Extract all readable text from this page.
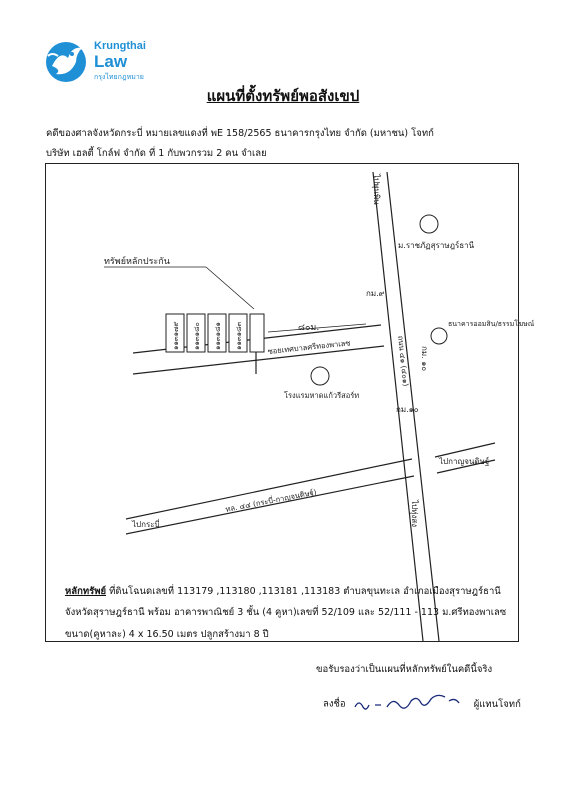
Krungthai
Law
กรุงไทยกฎหมาย
แผนที่ตั้งทรัพย์พอสังเขป
คดีของศาลจังหวัดกระบี่ หมายเลขแดงที่ พE 158/2565 ธนาคารกรุงไทย จำกัด (มหาชน) โจทก์
บริษัท เฮลตี้ โกล์ฟ จำกัด ที่ 1 กับพวกรวม 2 คน จำเลย
๑๑๓๑๗๙ ๑๑๓๑๘๐ ๑๑๓๑๘๑ ๑๑๓๑๘๓
ทรัพย์หลักประกัน
๘๐ม.
ซอยเทศบาลศรีทองพาเลซ
ม.ราชภัฏสุราษฎร์ธานี
ธนาคารออมสิน/ธรรมโฆษณ์
โรงแรมหาดแก้วรีสอร์ท
กม.๙
กม.๑๐
กม. ๑๐
ไปพุนพิน
ถนน ๔๑ (๔๐๑)
ไปกาญจนดิษฐ์
ไปทุ่งสง
ไปกระบี่
ทล. ๔๔ (กระบี่-กาญจนดิษฐ์)
หลักทรัพย์ ที่ดินโฉนดเลขที่ 113179 ,113180 ,113181 ,113183 ตำบลขุนทะเล อำเภอเมืองสุราษฎร์ธานี
จังหวัดสุราษฎร์ธานี พร้อม อาคารพาณิชย์ 3 ชั้น (4 คูหา)เลขที่ 52/109 และ 52/111 - 113 ม.ศรีทองพาเลซ
ขนาด(คูหาละ) 4 x 16.50 เมตร ปลูกสร้างมา 8 ปี
ขอรับรองว่าเป็นแผนที่หลักทรัพย์ในคดีนี้จริง
ลงชื่อ	ผู้แทนโจทก์
